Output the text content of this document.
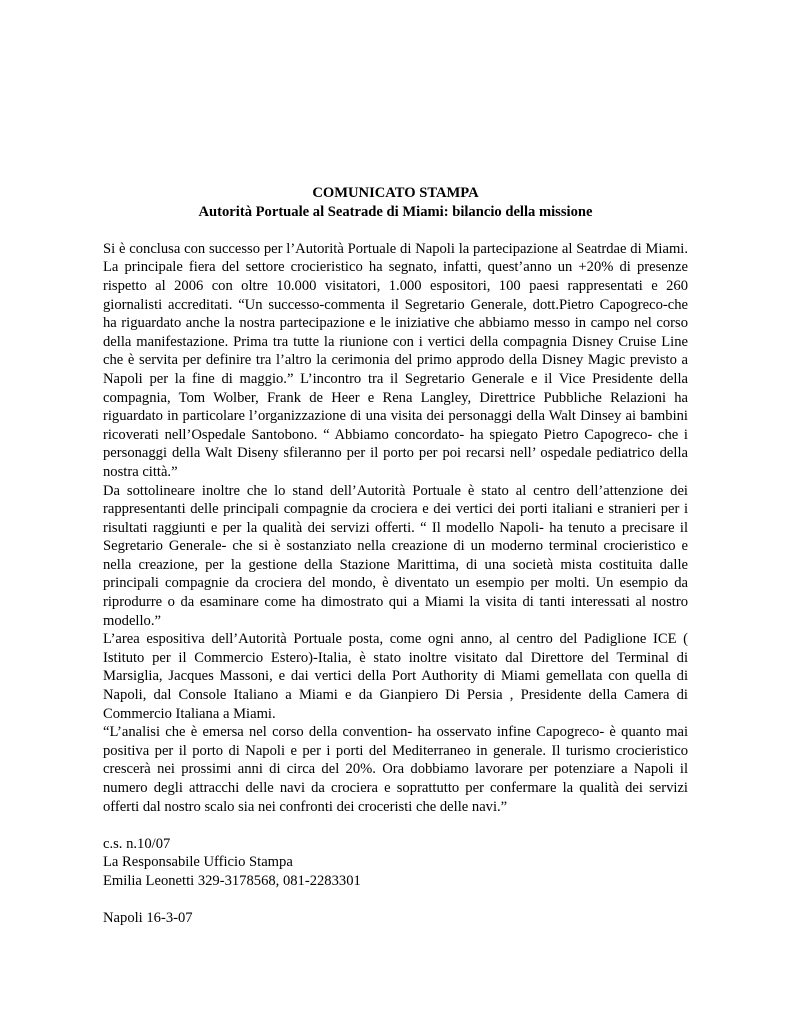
COMUNICATO STAMPA

Autorità Portuale al Seatrade di Miami: bilancio della missione

Si è conclusa con successo per l’Autorità Portuale di Napoli la partecipazione al Seatrdae di Miami. La principale fiera del settore crocieristico ha segnato, infatti, quest’anno un +20% di presenze rispetto al 2006 con oltre 10.000 visitatori, 1.000 espositori, 100 paesi rappresentati e 260 giornalisti accreditati. “Un successo-commenta il Segretario Generale, dott.Pietro Capogreco-che ha riguardato anche la nostra partecipazione e le iniziative che abbiamo messo in campo nel corso della manifestazione. Prima tra tutte la riunione con i vertici della compagnia Disney Cruise Line che è servita per definire tra l’altro la cerimonia del primo approdo della Disney Magic previsto a Napoli per la fine di maggio.” L’incontro tra il Segretario Generale e il Vice Presidente della compagnia, Tom Wolber, Frank de Heer e Rena Langley, Direttrice Pubbliche Relazioni ha riguardato in particolare l’organizzazione di una visita dei personaggi della Walt Dinsey ai bambini ricoverati nell’Ospedale Santobono. “ Abbiamo concordato- ha spiegato Pietro Capogreco- che i personaggi della Walt Diseny sfileranno per il porto per poi recarsi nell’ ospedale pediatrico della nostra città.”

Da sottolineare inoltre che lo stand dell’Autorità Portuale è stato al centro dell’attenzione dei rappresentanti delle principali compagnie da crociera e dei vertici dei porti italiani e stranieri per i risultati raggiunti e per la qualità dei servizi offerti. “ Il modello Napoli- ha tenuto a precisare il Segretario Generale- che si è sostanziato nella creazione di un moderno terminal crocieristico e nella creazione, per la gestione della Stazione Marittima, di una società mista costituita dalle principali compagnie da crociera del mondo, è diventato un esempio per molti. Un esempio da riprodurre o da esaminare come ha dimostrato qui a Miami la visita di tanti interessati al nostro modello.”

L’area espositiva dell’Autorità Portuale posta, come ogni anno, al centro del Padiglione ICE ( Istituto per il Commercio Estero)-Italia, è stato inoltre visitato dal Direttore del Terminal di Marsiglia, Jacques Massoni, e dai vertici della Port Authority di Miami gemellata con quella di Napoli, dal Console Italiano a Miami e da Gianpiero Di Persia , Presidente della Camera di Commercio Italiana a Miami.

“L’analisi che è emersa nel corso della convention- ha osservato infine Capogreco- è quanto mai positiva per il porto di Napoli e per i porti del Mediterraneo in generale. Il turismo crocieristico crescerà nei prossimi anni di circa del 20%. Ora dobbiamo lavorare per potenziare a Napoli il numero degli attracchi delle navi da crociera e soprattutto per confermare la qualità dei servizi offerti dal nostro scalo sia nei confronti dei croceristi che delle navi.”

c.s. n.10/07

La Responsabile Ufficio Stampa

Emilia Leonetti 329-3178568, 081-2283301

Napoli 16-3-07
